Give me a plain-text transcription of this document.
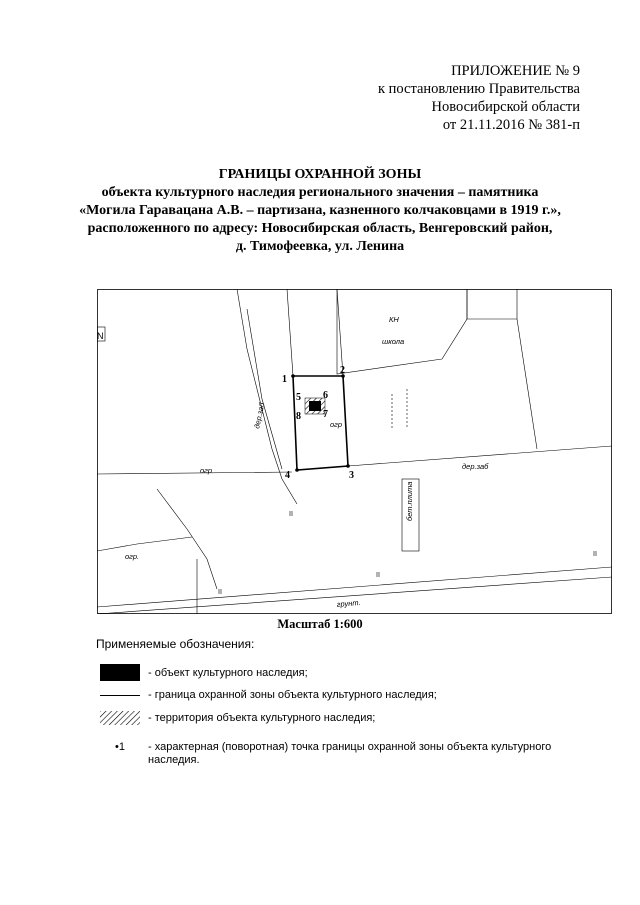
ПРИЛОЖЕНИЕ № 9
к постановлению Правительства
Новосибирской области
от 21.11.2016 № 381-п
ГРАНИЦЫ ОХРАННОЙ ЗОНЫ
объекта культурного наследия регионального значения – памятника
«Могила Гаравацана А.В. – партизана, казненного колчаковцами в 1919 г.»,
расположенного по адресу: Новосибирская область, Венгеровский район,
д. Тимофеевка, ул. Ленина
N
1
2
3
4
5 6
7
8
КН
школа
огр
дер.заб
огр
огр.
грунт.
дер.заб
бет.плита
Масштаб 1:600
Применяемые обозначения:
- объект культурного наследия;
- граница охранной зоны объекта культурного наследия;
- территория объекта культурного наследия;
•1	- характерная (поворотная) точка границы охранной зоны объекта культурного наследия.
